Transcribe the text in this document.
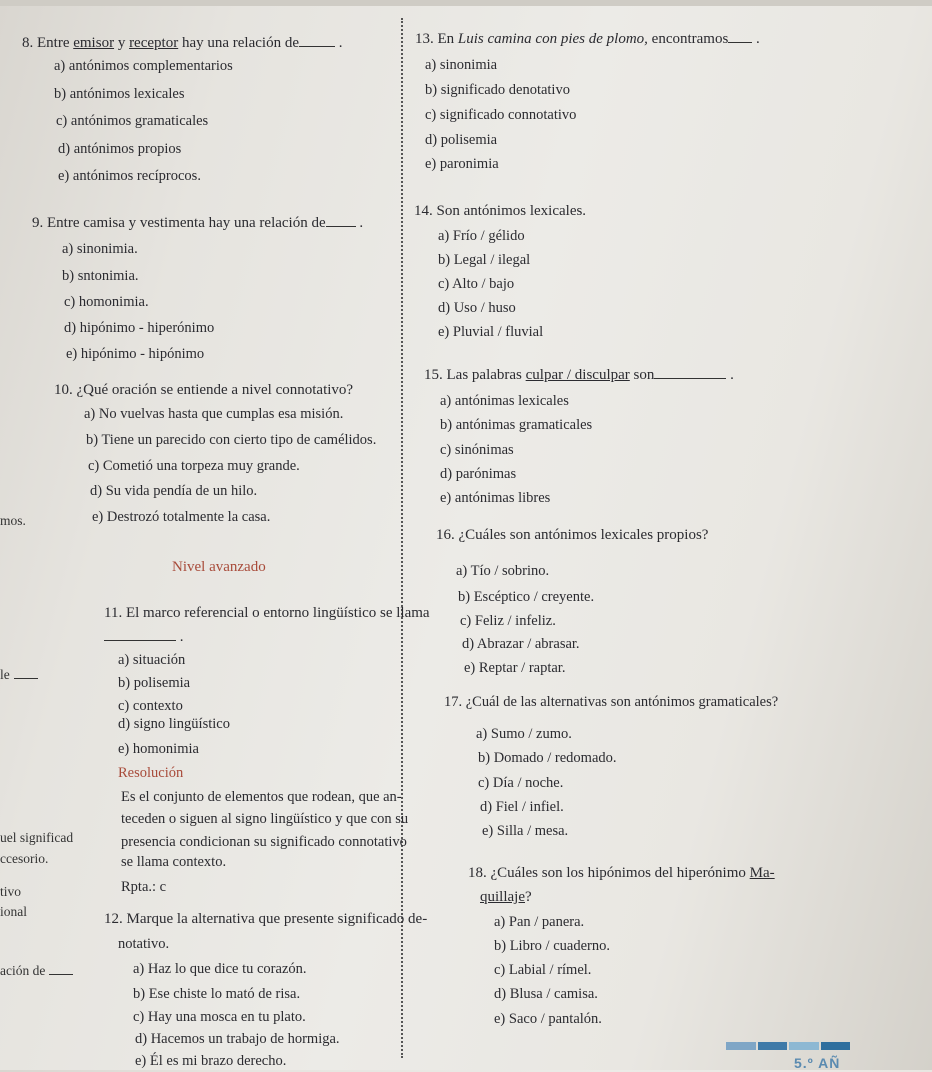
mos.
le
uel significad
ccesorio.
tivo
ional
ación de
8. Entre emisor y receptor hay una relación de .
a) antónimos complementarios
b) antónimos lexicales
c) antónimos gramaticales
d) antónimos propios
e) antónimos recíprocos.
9. Entre camisa y vestimenta hay una relación de .
a) sinonimia.
b) sntonimia.
c) homonimia.
d) hipónimo - hiperónimo
e) hipónimo - hipónimo
10. ¿Qué oración se entiende a nivel connotativo?
a) No vuelvas hasta que cumplas esa misión.
b) Tiene un parecido con cierto tipo de camélidos.
c) Cometió una torpeza muy grande.
d) Su vida pendía de un hilo.
e) Destrozó totalmente la casa.
Nivel avanzado
11. El marco referencial o entorno lingüístico se llama
.
a) situación
b) polisemia
c) contexto
d) signo lingüístico
e) homonimia
Resolución
Es el conjunto de elementos que rodean, que an-
teceden o siguen al signo lingüístico y que con su
presencia condicionan su significado connotativo
se llama contexto.
Rpta.: c
12. Marque la alternativa que presente significado de-
notativo.
a) Haz lo que dice tu corazón.
b) Ese chiste lo mató de risa.
c) Hay una mosca en tu plato.
d) Hacemos un trabajo de hormiga.
e) Él es mi brazo derecho.
13. En Luis camina con pies de plomo, encontramos .
a) sinonimia
b) significado denotativo
c) significado connotativo
d) polisemia
e) paronimia
14. Son antónimos lexicales.
a) Frío / gélido
b) Legal / ilegal
c) Alto / bajo
d) Uso / huso
e) Pluvial / fluvial
15. Las palabras culpar / disculpar son	.
a) antónimas lexicales
b) antónimas gramaticales
c) sinónimas
d) parónimas
e) antónimas libres
16. ¿Cuáles son antónimos lexicales propios?
a) Tío / sobrino.
b) Escéptico / creyente.
c) Feliz / infeliz.
d) Abrazar / abrasar.
e) Reptar / raptar.
17. ¿Cuál de las alternativas son antónimos gramaticales?
a) Sumo / zumo.
b) Domado / redomado.
c) Día / noche.
d) Fiel / infiel.
e) Silla / mesa.
18. ¿Cuáles son los hipónimos del hiperónimo Ma-
quillaje?
a) Pan / panera.
b) Libro / cuaderno.
c) Labial / rímel.
d) Blusa / camisa.
e) Saco / pantalón.
5.º AÑ
